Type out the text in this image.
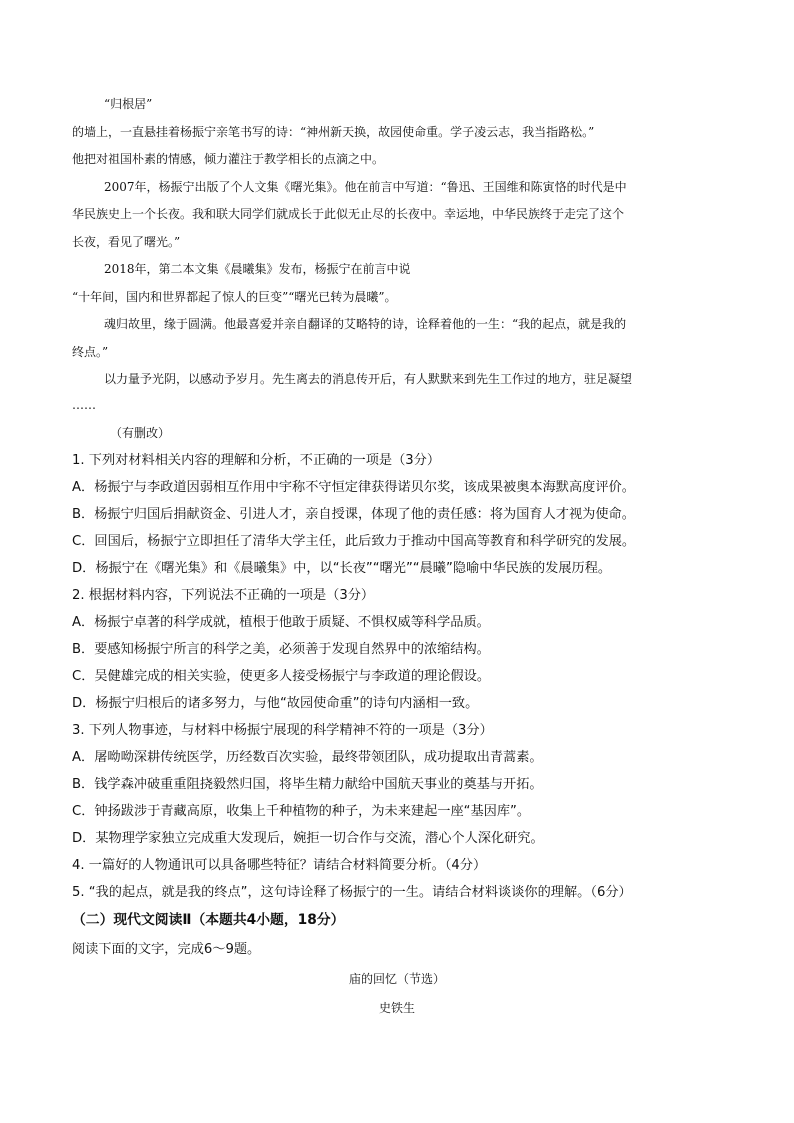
“归根居”
的墙上，一直悬挂着杨振宁亲笔书写的诗：“神州新天换，故园使命重。学子凌云志，我当指路松。”
他把对祖国朴素的情感，倾力灌注于教学相长的点滴之中。
2007年，杨振宁出版了个人文集《曙光集》。他在前言中写道：“鲁迅、王国维和陈寅恪的时代是中
华民族史上一个长夜。我和联大同学们就成长于此似无止尽的长夜中。幸运地，中华民族终于走完了这个
长夜，看见了曙光。”
2018年，第二本文集《晨曦集》发布，杨振宁在前言中说
“十年间，国内和世界都起了惊人的巨变”“曙光已转为晨曦”。
魂归故里，缘于圆满。他最喜爱并亲自翻译的艾略特的诗，诠释着他的一生：“我的起点，就是我的
终点。”
以力量予光阴，以感动予岁月。先生离去的消息传开后，有人默默来到先生工作过的地方，驻足凝望
……
（有删改）
1. 下列对材料相关内容的理解和分析，不正确的一项是（3分）
A．杨振宁与李政道因弱相互作用中宇称不守恒定律获得诺贝尔奖，该成果被奥本海默高度评价。
B．杨振宁归国后捐献资金、引进人才，亲自授课，体现了他的责任感：将为国育人才视为使命。
C．回国后，杨振宁立即担任了清华大学主任，此后致力于推动中国高等教育和科学研究的发展。
D．杨振宁在《曙光集》和《晨曦集》中，以“长夜”“曙光”“晨曦”隐喻中华民族的发展历程。
2. 根据材料内容，下列说法不正确的一项是（3分）
A．杨振宁卓著的科学成就，植根于他敢于质疑、不惧权威等科学品质。
B．要感知杨振宁所言的科学之美，必须善于发现自然界中的浓缩结构。
C．吴健雄完成的相关实验，使更多人接受杨振宁与李政道的理论假设。
D．杨振宁归根后的诸多努力，与他“故园使命重”的诗句内涵相一致。
3. 下列人物事迹，与材料中杨振宁展现的科学精神不符的一项是（3分）
A．屠呦呦深耕传统医学，历经数百次实验，最终带领团队，成功提取出青蒿素。
B．钱学森冲破重重阻挠毅然归国，将毕生精力献给中国航天事业的奠基与开拓。
C．钟扬跋涉于青藏高原，收集上千种植物的种子，为未来建起一座“基因库”。
D．某物理学家独立完成重大发现后，婉拒一切合作与交流，潜心个人深化研究。
4. 一篇好的人物通讯可以具备哪些特征？请结合材料简要分析。（4分）
5. “我的起点，就是我的终点”，这句诗诠释了杨振宁的一生。请结合材料谈谈你的理解。（6分）
（二）现代文阅读Ⅱ（本题共4小题，18分）
阅读下面的文字，完成6～9题。
庙的回忆（节选）
史铁生
